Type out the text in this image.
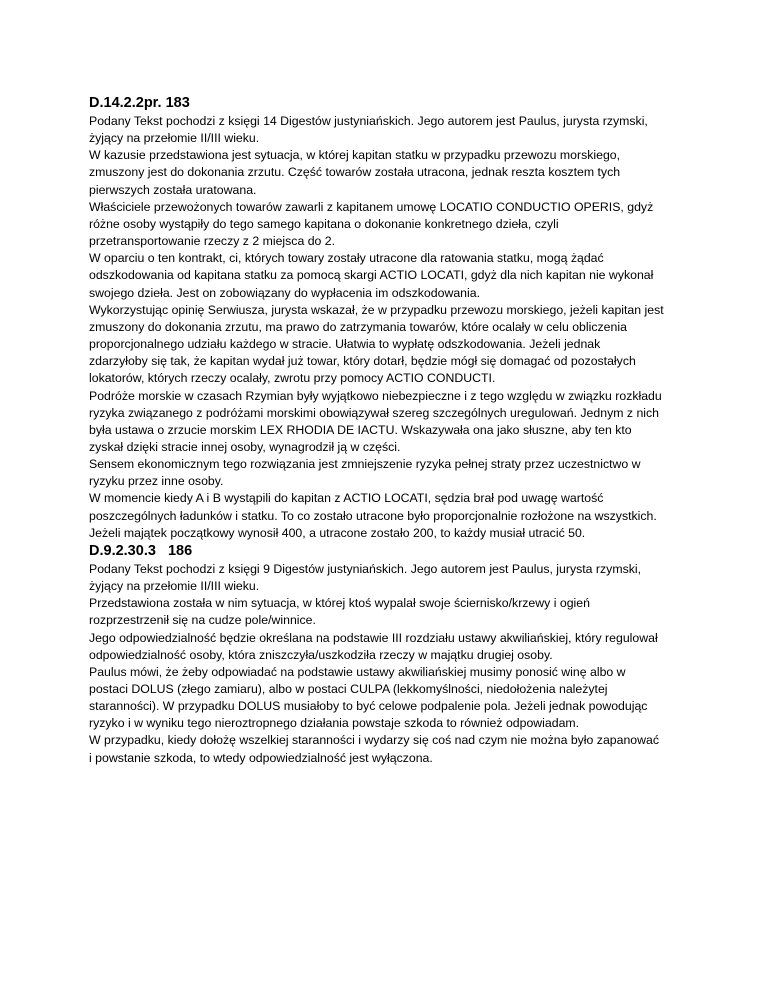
D.14.2.2pr. 183

Podany Tekst pochodzi z księgi 14 Digestów justyniańskich. Jego autorem jest Paulus, jurysta rzymski,
żyjący na przełomie II/III wieku.

W kazusie przedstawiona jest sytuacja, w której kapitan statku w przypadku przewozu morskiego,
zmuszony jest do dokonania zrzutu. Część towarów została utracona, jednak reszta kosztem tych
pierwszych została uratowana.

Właściciele przewożonych towarów zawarli z kapitanem umowę LOCATIO CONDUCTIO OPERIS, gdyż
różne osoby wystąpiły do tego samego kapitana o dokonanie konkretnego dzieła, czyli
przetransportowanie rzeczy z 2 miejsca do 2.

W oparciu o ten kontrakt, ci, których towary zostały utracone dla ratowania statku, mogą żądać
odszkodowania od kapitana statku za pomocą skargi ACTIO LOCATI, gdyż dla nich kapitan nie wykonał
swojego dzieła. Jest on zobowiązany do wypłacenia im odszkodowania.

Wykorzystując opinię Serwiusza, jurysta wskazał, że w przypadku przewozu morskiego, jeżeli kapitan jest
zmuszony do dokonania zrzutu, ma prawo do zatrzymania towarów, które ocalały w celu obliczenia
proporcjonalnego udziału każdego w stracie. Ułatwia to wypłatę odszkodowania. Jeżeli jednak
zdarzyłoby się tak, że kapitan wydał już towar, który dotarł, będzie mógł się domagać od pozostałych
lokatorów, których rzeczy ocalały, zwrotu przy pomocy ACTIO CONDUCTI.

Podróże morskie w czasach Rzymian były wyjątkowo niebezpieczne i z tego względu w związku rozkładu
ryzyka związanego z podróżami morskimi obowiązywał szereg szczególnych uregulowań. Jednym z nich
była ustawa o zrzucie morskim LEX RHODIA DE IACTU. Wskazywała ona jako słuszne, aby ten kto
zyskał dzięki stracie innej osoby, wynagrodził ją w części.

Sensem ekonomicznym tego rozwiązania jest zmniejszenie ryzyka pełnej straty przez uczestnictwo w
ryzyku przez inne osoby.

W momencie kiedy A i B wystąpili do kapitan z ACTIO LOCATI, sędzia brał pod uwagę wartość
poszczególnych ładunków i statku. To co zostało utracone było proporcjonalnie rozłożone na wszystkich.
Jeżeli majątek początkowy wynosił 400, a utracone zostało 200, to każdy musiał utracić 50.

D.9.2.30.3   186

Podany Tekst pochodzi z księgi 9 Digestów justyniańskich. Jego autorem jest Paulus, jurysta rzymski,
żyjący na przełomie II/III wieku.

Przedstawiona została w nim sytuacja, w której ktoś wypalał swoje ściernisko/krzewy i ogień
rozprzestrzenił się na cudze pole/winnice.

Jego odpowiedzialność będzie określana na podstawie III rozdziału ustawy akwiliańskiej, który regulował
odpowiedzialność osoby, która zniszczyła/uszkodziła rzeczy w majątku drugiej osoby.

Paulus mówi, że żeby odpowiadać na podstawie ustawy akwiliańskiej musimy ponosić winę albo w
postaci DOLUS (złego zamiaru), albo w postaci CULPA (lekkomyślności, niedołożenia należytej
staranności). W przypadku DOLUS musiałoby to być celowe podpalenie pola. Jeżeli jednak powodując
ryzyko i w wyniku tego nieroztropnego działania powstaje szkoda to również odpowiadam.

W przypadku, kiedy dołożę wszelkiej staranności i wydarzy się coś nad czym nie można było zapanować
i powstanie szkoda, to wtedy odpowiedzialność jest wyłączona.
